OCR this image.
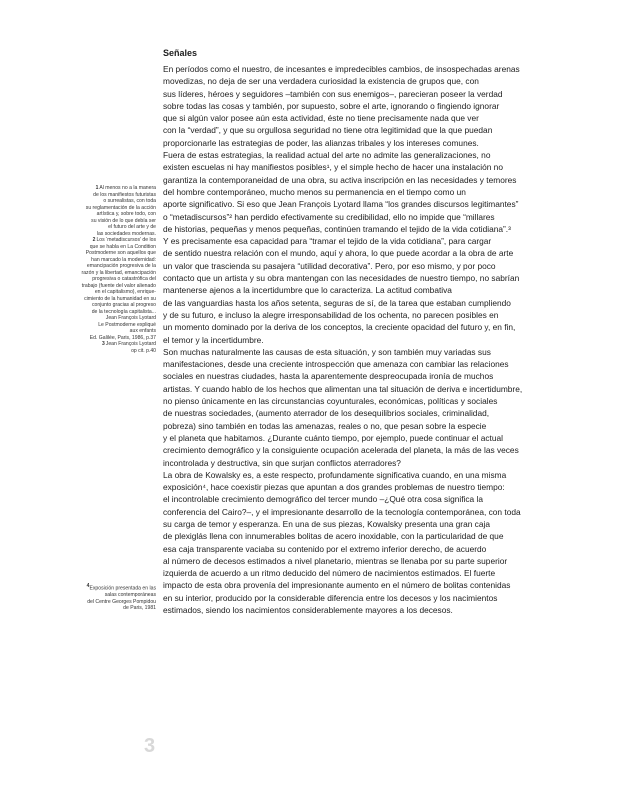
1Al menos no a la manera
de los manifiestos futuristas
o surrealistas, con toda
su reglamentación de la acción
artística y, sobre todo, con
su visión de lo que debía ser
el futuro del arte y de
las sociedades modernas.

2Los ‘metadiscursos’ de los
que se habla en La Condition
Postmoderne son aquellos que
han marcado la modernidad:
emancipación progresiva de la
razón y la libertad, emancipación
progresiva o catastrófica del
trabajo (fuente del valor alienado
en el capitalismo), enrique-
cimiento de la humanidad en su
conjunto gracias al progreso
de la tecnología capitalista...
Jean François Lyotard
Le Postmoderne expliqué
aux enfants
Ed. Galilée, Paris, 1986, p.37

3Jean François Lyotard
op cit. p.40

$^4$Exposición presentada en las
salas contemporáneas
del Centre Georges Pompidou
de Paris, 1981

Señales

En períodos como el nuestro, de incesantes e impredecibles cambios, de insospechadas arenas
movedizas, no deja de ser una verdadera curiosidad la existencia de grupos que, con
sus líderes, héroes y seguidores –también con sus enemigos–, parecieran poseer la verdad
sobre todas las cosas y también, por supuesto, sobre el arte, ignorando o fingiendo ignorar
que si algún valor posee aún esta actividad, éste no tiene precisamente nada que ver
con la “verdad”, y que su orgullosa seguridad no tiene otra legitimidad que la que puedan
proporcionarle las estrategias de poder, las alianzas tribales y los intereses comunes.

Fuera de estas estrategias, la realidad actual del arte no admite las generalizaciones, no
existen escuelas ni hay manifiestos posibles¹, y el simple hecho de hacer una instalación no
garantiza la contemporaneidad de una obra, su activa inscripción en las necesidades y temores
del hombre contemporáneo, mucho menos su permanencia en el tiempo como un
aporte significativo. Si eso que Jean François Lyotard llama “los grandes discursos legitimantes”
o “metadiscursos”² han perdido efectivamente su credibilidad, ello no impide que “millares
de historias, pequeñas y menos pequeñas, continúen tramando el tejido de la vida cotidiana”.³
Y es precisamente esa capacidad para “tramar el tejido de la vida cotidiana”, para cargar
de sentido nuestra relación con el mundo, aquí y ahora, lo que puede acordar a la obra de arte
un valor que trascienda su pasajera “utilidad decorativa”. Pero, por eso mismo, y por poco
contacto que un artista y su obra mantengan con las necesidades de nuestro tiempo, no sabrían
mantenerse ajenos a la incertidumbre que lo caracteriza. La actitud combativa
de las vanguardias hasta los años setenta, seguras de sí, de la tarea que estaban cumpliendo
y de su futuro, e incluso la alegre irresponsabilidad de los ochenta, no parecen posibles en
un momento dominado por la deriva de los conceptos, la creciente opacidad del futuro y, en fin,
el temor y la incertidumbre.

Son muchas naturalmente las causas de esta situación, y son también muy variadas sus
manifestaciones, desde una creciente introspección que amenaza con cambiar las relaciones
sociales en nuestras ciudades, hasta la aparentemente despreocupada ironía de muchos
artistas. Y cuando hablo de los hechos que alimentan una tal situación de deriva e incertidumbre,
no pienso únicamente en las circunstancias coyunturales, económicas, políticas y sociales
de nuestras sociedades, (aumento aterrador de los desequilibrios sociales, criminalidad,
pobreza) sino también en todas las amenazas, reales o no, que pesan sobre la especie
y el planeta que habitamos. ¿Durante cuánto tiempo, por ejemplo, puede continuar el actual
crecimiento demográfico y la consiguiente ocupación acelerada del planeta, la más de las veces
incontrolada y destructiva, sin que surjan conflictos aterradores?

La obra de Kowalsky es, a este respecto, profundamente significativa cuando, en una misma
exposición⁴, hace coexistir piezas que apuntan a dos grandes problemas de nuestro tiempo:
el incontrolable crecimiento demográfico del tercer mundo –¿Qué otra cosa significa la
conferencia del Cairo?–, y el impresionante desarrollo de la tecnología contemporánea, con toda
su carga de temor y esperanza. En una de sus piezas, Kowalsky presenta una gran caja
de plexiglás llena con innumerables bolitas de acero inoxidable, con la particularidad de que
esa caja transparente vaciaba su contenido por el extremo inferior derecho, de acuerdo
al número de decesos estimados a nivel planetario, mientras se llenaba por su parte superior
izquierda de acuerdo a un ritmo deducido del número de nacimientos estimados. El fuerte
impacto de esta obra provenía del impresionante aumento en el número de bolitas contenidas
en su interior, producido por la considerable diferencia entre los decesos y los nacimientos
estimados, siendo los nacimientos considerablemente mayores a los decesos.

3
